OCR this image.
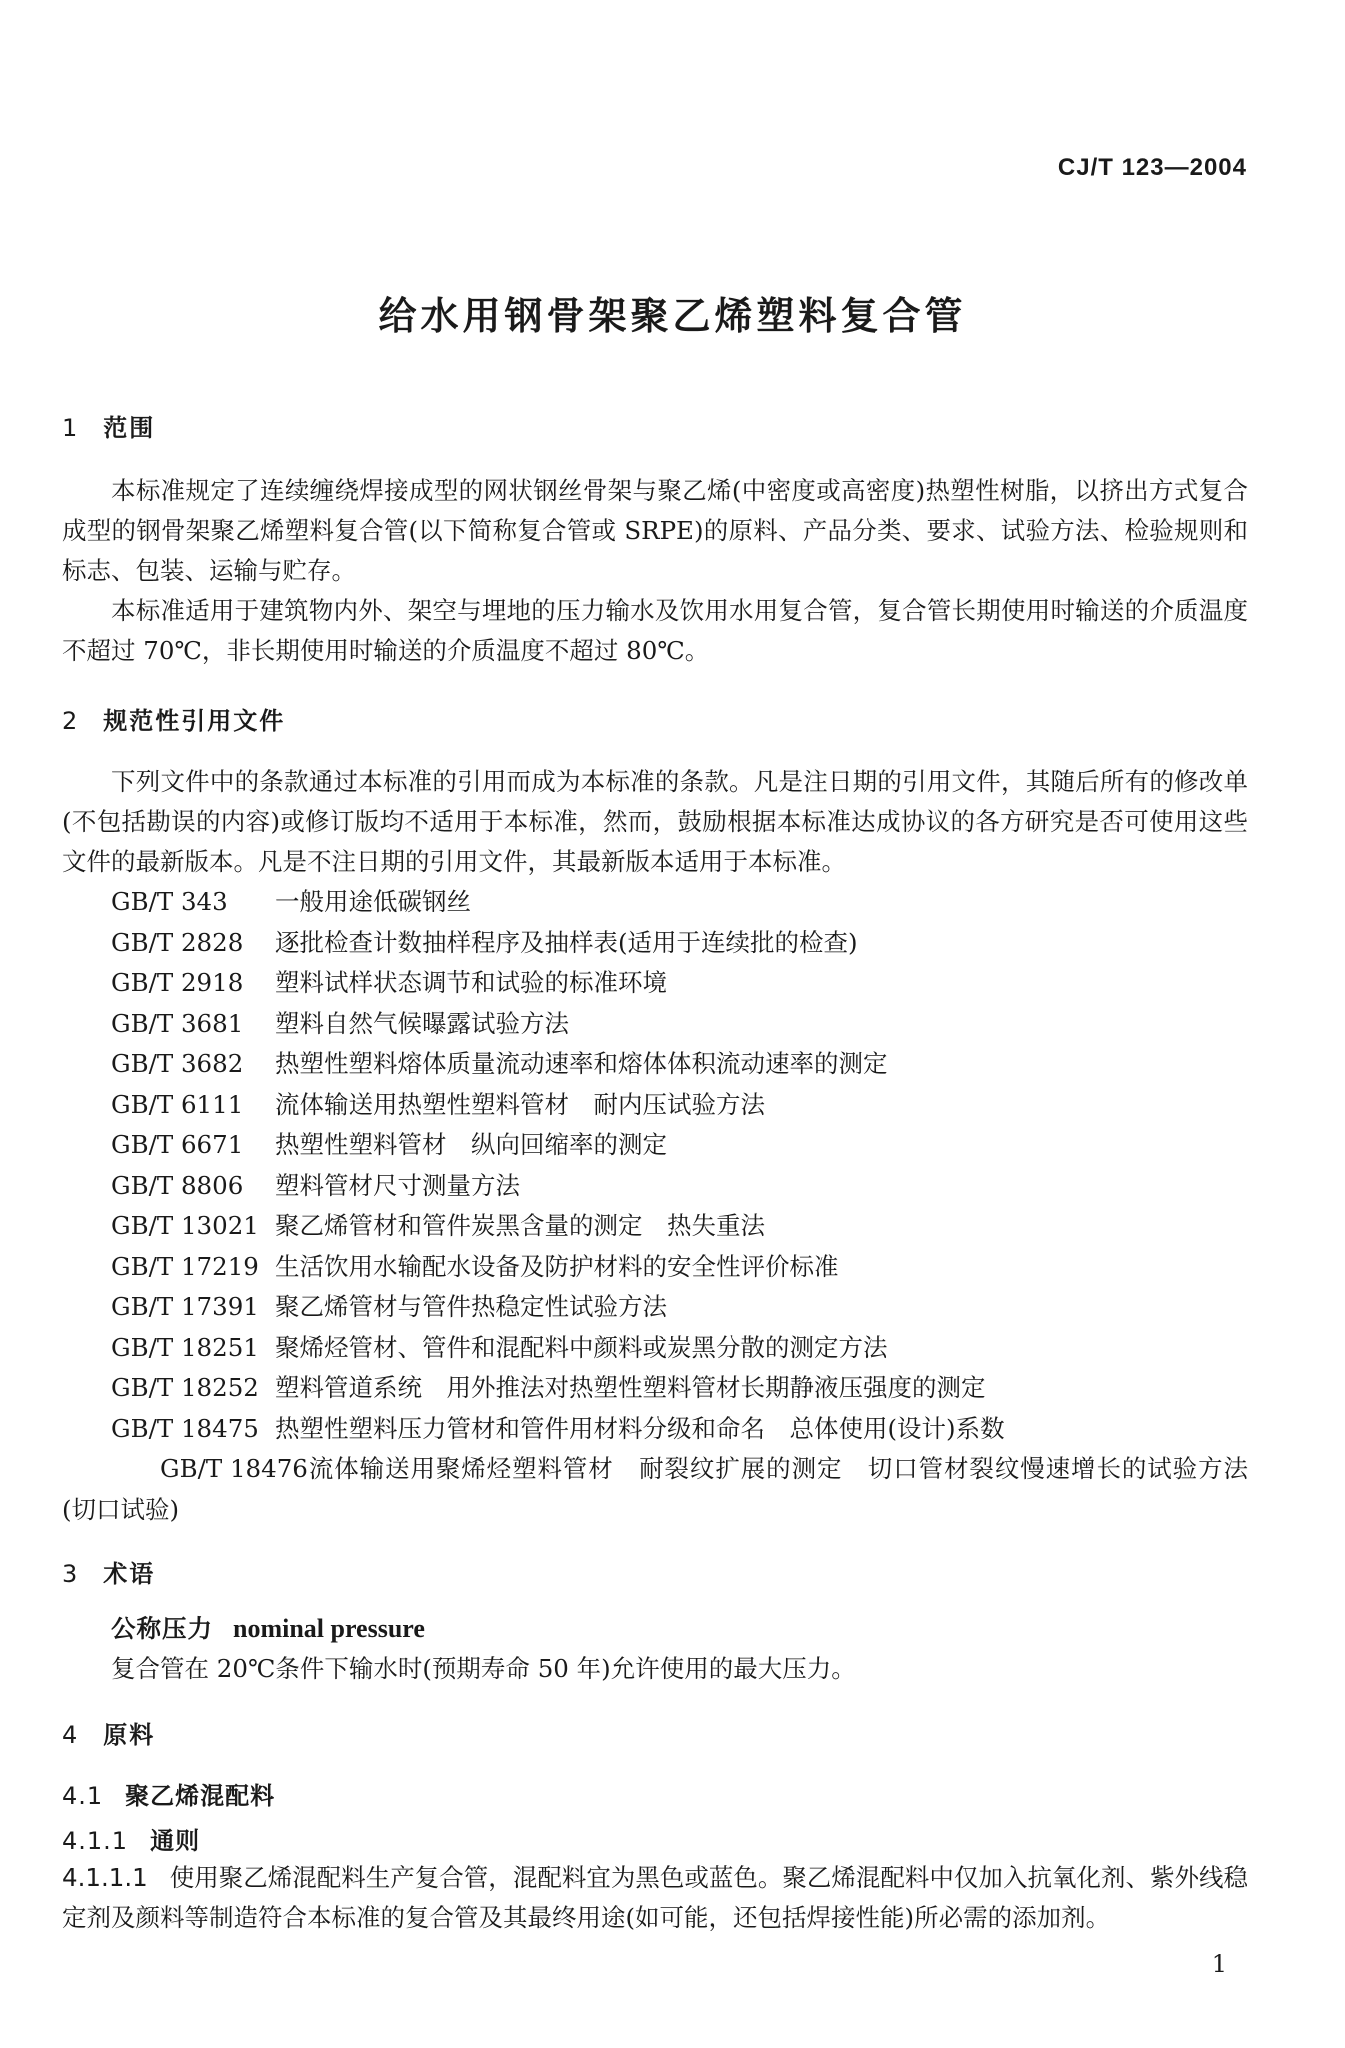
CJ/T 123—2004
给水用钢骨架聚乙烯塑料复合管

1 范围

本标准规定了连续缠绕焊接成型的网状钢丝骨架与聚乙烯(中密度或高密度)热塑性树脂，以挤出方式复合成型的钢骨架聚乙烯塑料复合管(以下简称复合管或 SRPE)的原料、产品分类、要求、试验方法、检验规则和标志、包装、运输与贮存。

本标准适用于建筑物内外、架空与埋地的压力输水及饮用水用复合管，复合管长期使用时输送的介质温度不超过 70℃，非长期使用时输送的介质温度不超过 80℃。

2 规范性引用文件

下列文件中的条款通过本标准的引用而成为本标准的条款。凡是注日期的引用文件，其随后所有的修改单(不包括勘误的内容)或修订版均不适用于本标准，然而，鼓励根据本标准达成协议的各方研究是否可使用这些文件的最新版本。凡是不注日期的引用文件，其最新版本适用于本标准。

GB/T 343 一般用途低碳钢丝

GB/T 2828 逐批检查计数抽样程序及抽样表(适用于连续批的检查)

GB/T 2918 塑料试样状态调节和试验的标准环境

GB/T 3681 塑料自然气候曝露试验方法

GB/T 3682 热塑性塑料熔体质量流动速率和熔体体积流动速率的测定

GB/T 6111 流体输送用热塑性塑料管材　耐内压试验方法

GB/T 6671 热塑性塑料管材　纵向回缩率的测定

GB/T 8806 塑料管材尺寸测量方法

GB/T 13021 聚乙烯管材和管件炭黑含量的测定　热失重法

GB/T 17219 生活饮用水输配水设备及防护材料的安全性评价标准

GB/T 17391 聚乙烯管材与管件热稳定性试验方法

GB/T 18251 聚烯烃管材、管件和混配料中颜料或炭黑分散的测定方法

GB/T 18252 塑料管道系统　用外推法对热塑性塑料管材长期静液压强度的测定

GB/T 18475 热塑性塑料压力管材和管件用材料分级和命名　总体使用(设计)系数

GB/T 18476流体输送用聚烯烃塑料管材　耐裂纹扩展的测定　切口管材裂纹慢速增长的试验方法(切口试验)

3 术语

公称压力 nominal pressure

复合管在 20℃条件下输水时(预期寿命 50 年)允许使用的最大压力。

4 原料

4.1 聚乙烯混配料

4.1.1 通则

4.1.1.1 使用聚乙烯混配料生产复合管，混配料宜为黑色或蓝色。聚乙烯混配料中仅加入抗氧化剂、紫外线稳定剂及颜料等制造符合本标准的复合管及其最终用途(如可能，还包括焊接性能)所必需的添加剂。

1
